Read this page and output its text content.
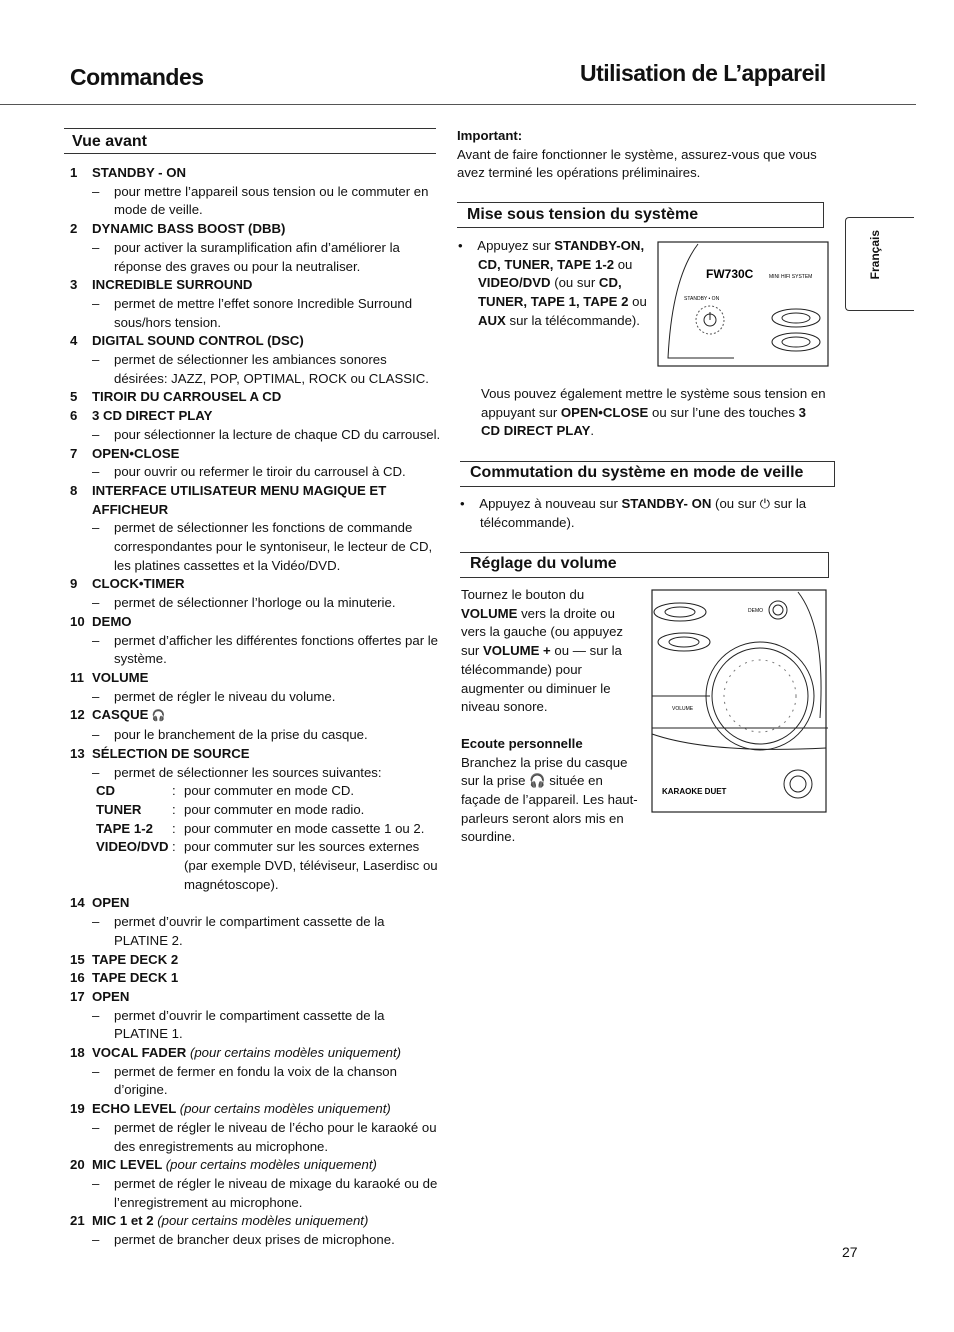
Commandes	Utilisation de L’appareil
Vue avant
1	STANDBY - ON
– pour mettre l’appareil sous tension ou le commuter en mode de veille.
2	DYNAMIC BASS BOOST (DBB)
– pour activer la suramplification afin d’améliorer la réponse des graves ou pour la neutraliser.
3	INCREDIBLE SURROUND
– permet de mettre l’effet sonore Incredible Surround sous/hors tension.
4	DIGITAL SOUND CONTROL (DSC)
– permet de sélectionner les ambiances sonores désirées: JAZZ, POP, OPTIMAL, ROCK ou CLASSIC.
5	TIROIR DU CARROUSEL A CD
6	3 CD DIRECT PLAY
– pour sélectionner la lecture de chaque CD du carrousel.
7	OPEN•CLOSE
– pour ouvrir ou refermer le tiroir du carrousel à CD.
8	INTERFACE UTILISATEUR MENU MAGIQUE ET AFFICHEUR
– permet de sélectionner les fonctions de commande correspondantes pour le syntoniseur, le lecteur de CD, les platines cassettes et la Vidéo/DVD.
9	CLOCK•TIMER
– permet de sélectionner l’horloge ou la minuterie.
10 DEMO
– permet d’afficher les différentes fonctions offertes par le système.
11 VOLUME
– permet de régler le niveau du volume.
12 CASQUE 🎧
– pour le branchement de la prise du casque.
13 SÉLECTION DE SOURCE
– permet de sélectionner les sources suivantes:
CD	: pour commuter en mode CD.
TUNER	: pour commuter en mode radio.
TAPE 1-2	: pour commuter en mode cassette 1 ou 2.
VIDEO/DVD : pour commuter sur les sources externes (par exemple DVD, téléviseur, Laserdisc ou magnétoscope).
14 OPEN
– permet d’ouvrir le compartiment cassette de la PLATINE 2.
15 TAPE DECK 2
16 TAPE DECK 1
17 OPEN
– permet d’ouvrir le compartiment cassette de la PLATINE 1.
18 VOCAL FADER (pour certains modèles uniquement)
– permet de fermer en fondu la voix de la chanson d’origine.
19 ECHO LEVEL (pour certains modèles uniquement)
– permet de régler le niveau de l’écho pour le karaoké ou des enregistrements au microphone.
20 MIC LEVEL (pour certains modèles uniquement)
– permet de régler le niveau de mixage du karaoké ou de l’enregistrement au microphone.
21 MIC 1 et 2 (pour certains modèles uniquement)
– permet de brancher deux prises de microphone.

Important:

Avant de faire fonctionner le système, assurez-vous que vous avez terminé les opérations préliminaires.

Mise sous tension du système

•    Appuyez sur STANDBY-ON, CD, TUNER, TAPE 1-2 ou VIDEO/DVD (ou sur CD, TUNER, TAPE 1, TAPE 2 ou AUX sur la télécommande).

FW730C	MINI HIFI SYSTEM
STANDBY • ON

Vous pouvez également mettre le système sous tension en appuyant sur OPEN•CLOSE ou sur l’une des touches 3 CD DIRECT PLAY.

Commutation du système en mode de veille

•    Appuyez à nouveau sur STANDBY- ON (ou sur ⏻ sur la télécommande).

Réglage du volume

Tournez le bouton du VOLUME vers la droite ou vers la gauche (ou appuyez sur VOLUME + ou — sur la télécommande) pour augmenter ou diminuer le niveau sonore.

Ecoute personnelle

Branchez la prise du casque sur la prise 🎧 située en façade de l’appareil. Les haut-parleurs seront alors mis en sourdine.

DEMO
VOLUME
KARAOKE DUET
Français
27
